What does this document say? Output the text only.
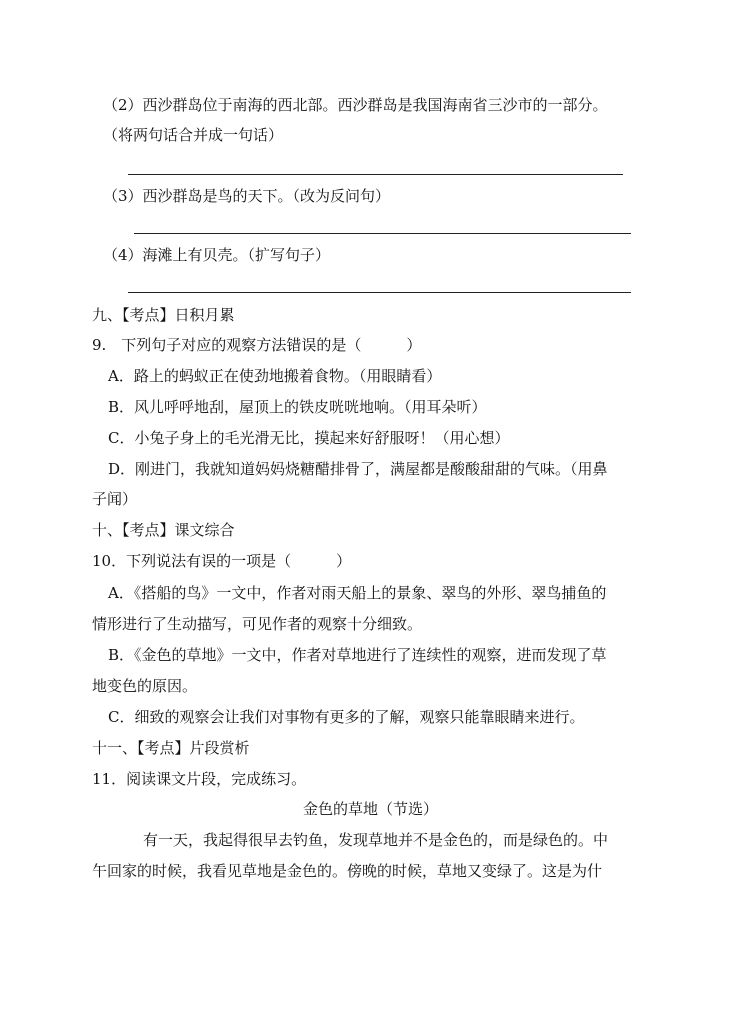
（2）西沙群岛位于南海的西北部。西沙群岛是我国海南省三沙市的一部分。
（将两句话合并成一句话）
（3）西沙群岛是鸟的天下。（改为反问句）
（4）海滩上有贝壳。（扩写句子）
九、【考点】日积月累
9.　下列句子对应的观察方法错误的是（　　　）
A．路上的蚂蚁正在使劲地搬着食物。（用眼睛看）
B．风儿呼呼地刮，屋顶上的铁皮咣咣地响。（用耳朵听）
C．小兔子身上的毛光滑无比，摸起来好舒服呀！（用心想）
D．刚进门，我就知道妈妈烧糖醋排骨了，满屋都是酸酸甜甜的气味。（用鼻
子闻）
十、【考点】课文综合
10．下列说法有误的一项是（　　　）
A．《搭船的鸟》一文中，作者对雨天船上的景象、翠鸟的外形、翠鸟捕鱼的
情形进行了生动描写，可见作者的观察十分细致。
B．《金色的草地》一文中，作者对草地进行了连续性的观察，进而发现了草
地变色的原因。
C．细致的观察会让我们对事物有更多的了解，观察只能靠眼睛来进行。
十一、【考点】片段赏析
11．阅读课文片段，完成练习。
金色的草地（节选）
有一天，我起得很早去钓鱼，发现草地并不是金色的，而是绿色的。中
午回家的时候，我看见草地是金色的。傍晚的时候，草地又变绿了。这是为什
